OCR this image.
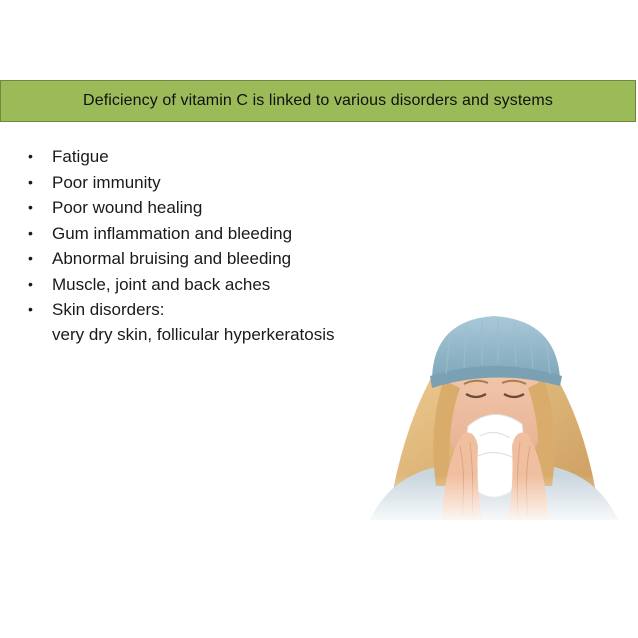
Deficiency of vitamin C is linked to various disorders and systems
•	Fatigue
•	Poor immunity
•	Poor wound healing
•	Gum inflammation and bleeding
•	Abnormal bruising and bleeding
•	Muscle, joint and back aches
•	Skin disorders:
very dry skin, follicular hyperkeratosis
